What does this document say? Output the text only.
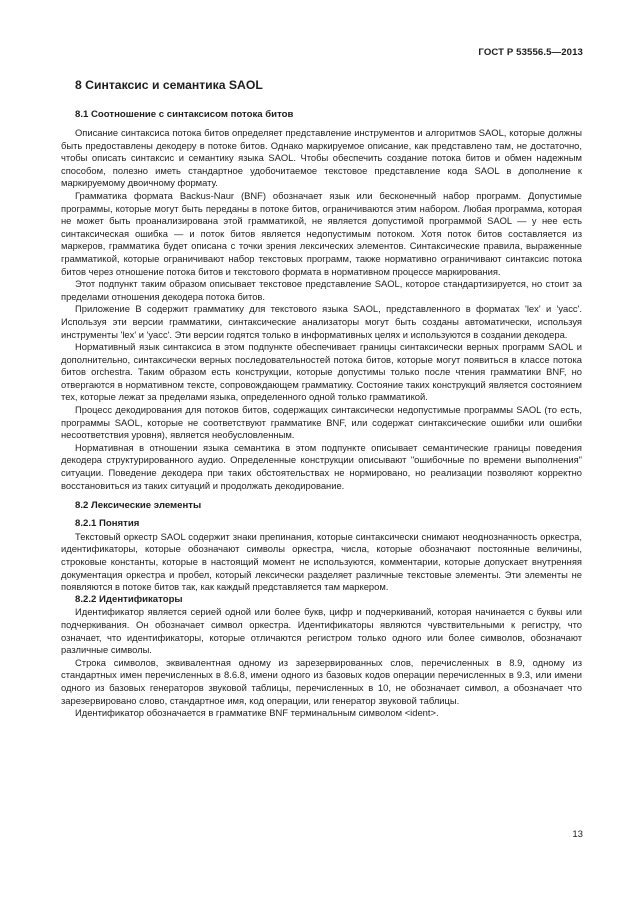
ГОСТ Р 53556.5—2013
8 Синтаксис и семантика SAOL
8.1 Соотношение с синтаксисом потока битов

Описание синтаксиса потока битов определяет представление инструментов и алгоритмов SAOL, которые должны быть предоставлены декодеру в потоке битов. Однако маркируемое описание, как представлено там, не достаточно, чтобы описать синтаксис и семантику языка SAOL. Чтобы обеспечить создание потока битов и обмен надежным способом, полезно иметь стандартное удобочитаемое текстовое представление кода SAOL в дополнение к маркируемому двоичному формату.

Грамматика формата Backus-Naur (BNF) обозначает язык или бесконечный набор программ. Допустимые программы, которые могут быть переданы в потоке битов, ограничиваются этим набором. Любая программа, которая не может быть проанализирована этой грамматикой, не является допустимой программой SAOL — у нее есть синтаксическая ошибка — и поток битов является недопустимым потоком. Хотя поток битов составляется из маркеров, грамматика будет описана с точки зрения лексических элементов. Синтаксические правила, выраженные грамматикой, которые ограничивают набор текстовых программ, также нормативно ограничивают синтаксис потока битов через отношение потока битов и текстового формата в нормативном процессе маркирования.

Этот подпункт таким образом описывает текстовое представление SAOL, которое стандартизируется, но стоит за пределами отношения декодера потока битов.

Приложение В содержит грамматику для текстового языка SAOL, представленного в форматах 'lex' и 'yacc'. Используя эти версии грамматики, синтаксические анализаторы могут быть созданы автоматически, используя инструменты 'lex' и 'yacc'. Эти версии годятся только в информативных целях и используются в создании декодера.

Нормативный язык синтаксиса в этом подпункте обеспечивает границы синтаксически верных программ SAOL и дополнительно, синтаксически верных последовательностей потока битов, которые могут появиться в классе потока битов orchestra. Таким образом есть конструкции, которые допустимы только после чтения грамматики BNF, но отвергаются в нормативном тексте, сопровождающем грамматику. Состояние таких конструкций является состоянием тех, которые лежат за пределами языка, определенного одной только грамматикой.

Процесс декодирования для потоков битов, содержащих синтаксически недопустимые программы SAOL (то есть, программы SAOL, которые не соответствуют грамматике BNF, или содержат синтаксические ошибки или ошибки несоответствия уровня), является необусловленным.

Нормативная в отношении языка семантика в этом подпункте описывает семантические границы поведения декодера структурированного аудио. Определенные конструкции описывают "ошибочные по времени выполнения" ситуации. Поведение декодера при таких обстоятельствах не нормировано, но реализации позволяют корректно восстановиться из таких ситуаций и продолжать декодирование.

8.2 Лексические элементы
8.2.1 Понятия

Текстовый оркестр SAOL содержит знаки препинания, которые синтаксически снимают неоднозначность оркестра, идентификаторы, которые обозначают символы оркестра, числа, которые обозначают постоянные величины, строковые константы, которые в настоящий момент не используются, комментарии, которые допускает внутренняя документация оркестра и пробел, который лексически разделяет различные текстовые элементы. Эти элементы не появляются в потоке битов так, как каждый представляется там маркером.

8.2.2 Идентификаторы

Идентификатор является серией одной или более букв, цифр и подчеркиваний, которая начинается с буквы или подчеркивания. Он обозначает символ оркестра. Идентификаторы являются чувствительными к регистру, что означает, что идентификаторы, которые отличаются регистром только одного или более символов, обозначают различные символы.

Строка символов, эквивалентная одному из зарезервированных слов, перечисленных в 8.9, одному из стандартных имен перечисленных в 8.6.8, имени одного из базовых кодов операции перечисленных в 9.3, или имени одного из базовых генераторов звуковой таблицы, перечисленных в 10, не обозначает символ, а обозначает что зарезервировано слово, стандартное имя, код операции, или генератор звуковой таблицы.

Идентификатор обозначается в грамматике BNF терминальным символом <ident>.

13
